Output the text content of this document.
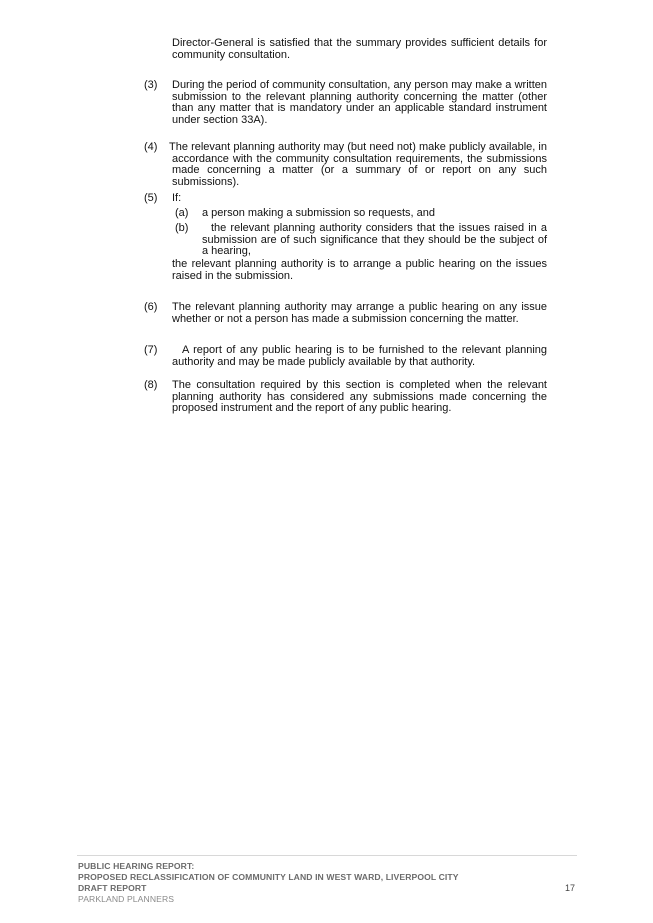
Director-General is satisfied that the summary provides sufficient details for community consultation.
(3) During the period of community consultation, any person may make a written submission to the relevant planning authority concerning the matter (other than any matter that is mandatory under an applicable standard instrument under section 33A).
(4) The relevant planning authority may (but need not) make publicly available, in accordance with the community consultation requirements, the submissions made concerning a matter (or a summary of or report on any such submissions).
(5) If:
(a) a person making a submission so requests, and
(b)	the relevant planning authority considers that the issues raised in a submission are of such significance that they should be the subject of a hearing,
the relevant planning authority is to arrange a public hearing on the issues raised in the submission.
(6) The relevant planning authority may arrange a public hearing on any issue whether or not a person has made a submission concerning the matter.
(7)	A report of any public hearing is to be furnished to the relevant planning authority and may be made publicly available by that authority.
(8) The consultation required by this section is completed when the relevant planning authority has considered any submissions made concerning the proposed instrument and the report of any public hearing.
PUBLIC HEARING REPORT:
PROPOSED RECLASSIFICATION OF COMMUNITY LAND IN WEST WARD, LIVERPOOL CITY
DRAFT REPORT
PARKLAND PLANNERS
17
